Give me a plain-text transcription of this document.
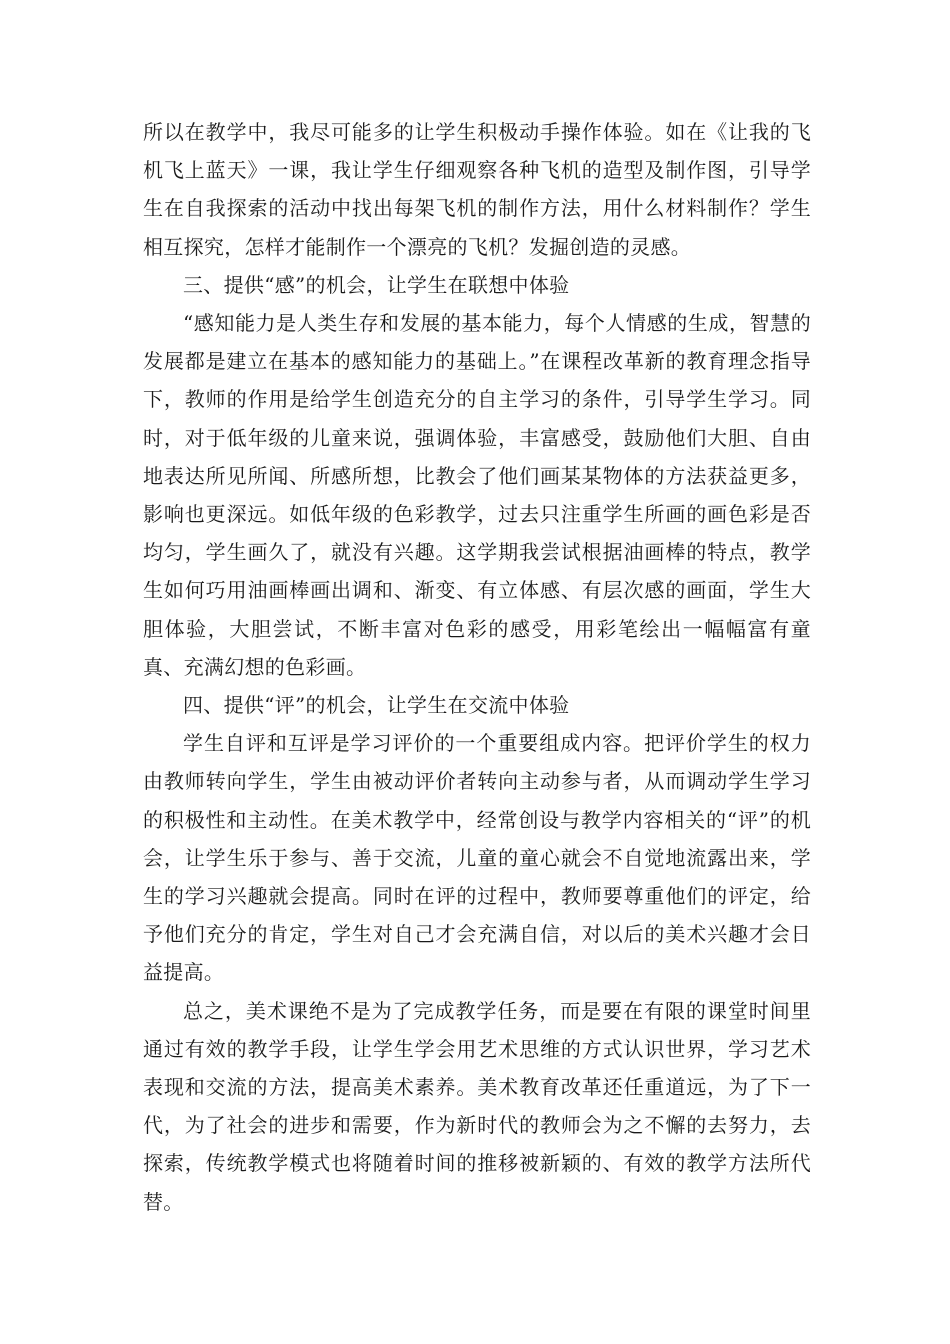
所以在教学中，我尽可能多的让学生积极动手操作体验。如在《让我的飞机飞上蓝天》一课，我让学生仔细观察各种飞机的造型及制作图，引导学生在自我探索的活动中找出每架飞机的制作方法，用什么材料制作？学生相互探究，怎样才能制作一个漂亮的飞机？发掘创造的灵感。

三、提供“感”的机会，让学生在联想中体验

“感知能力是人类生存和发展的基本能力，每个人情感的生成，智慧的发展都是建立在基本的感知能力的基础上。”在课程改革新的教育理念指导下，教师的作用是给学生创造充分的自主学习的条件，引导学生学习。同时，对于低年级的儿童来说，强调体验，丰富感受，鼓励他们大胆、自由地表达所见所闻、所感所想，比教会了他们画某某物体的方法获益更多，影响也更深远。如低年级的色彩教学，过去只注重学生所画的画色彩是否均匀，学生画久了，就没有兴趣。这学期我尝试根据油画棒的特点，教学生如何巧用油画棒画出调和、渐变、有立体感、有层次感的画面，学生大胆体验，大胆尝试，不断丰富对色彩的感受，用彩笔绘出一幅幅富有童真、充满幻想的色彩画。

四、提供“评”的机会，让学生在交流中体验

学生自评和互评是学习评价的一个重要组成内容。把评价学生的权力由教师转向学生，学生由被动评价者转向主动参与者，从而调动学生学习的积极性和主动性。在美术教学中，经常创设与教学内容相关的“评”的机会，让学生乐于参与、善于交流，儿童的童心就会不自觉地流露出来，学生的学习兴趣就会提高。同时在评的过程中，教师要尊重他们的评定，给予他们充分的肯定，学生对自己才会充满自信，对以后的美术兴趣才会日益提高。

总之，美术课绝不是为了完成教学任务，而是要在有限的课堂时间里通过有效的教学手段，让学生学会用艺术思维的方式认识世界，学习艺术表现和交流的方法，提高美术素养。美术教育改革还任重道远，为了下一代，为了社会的进步和需要，作为新时代的教师会为之不懈的去努力，去探索，传统教学模式也将随着时间的推移被新颖的、有效的教学方法所代替。
